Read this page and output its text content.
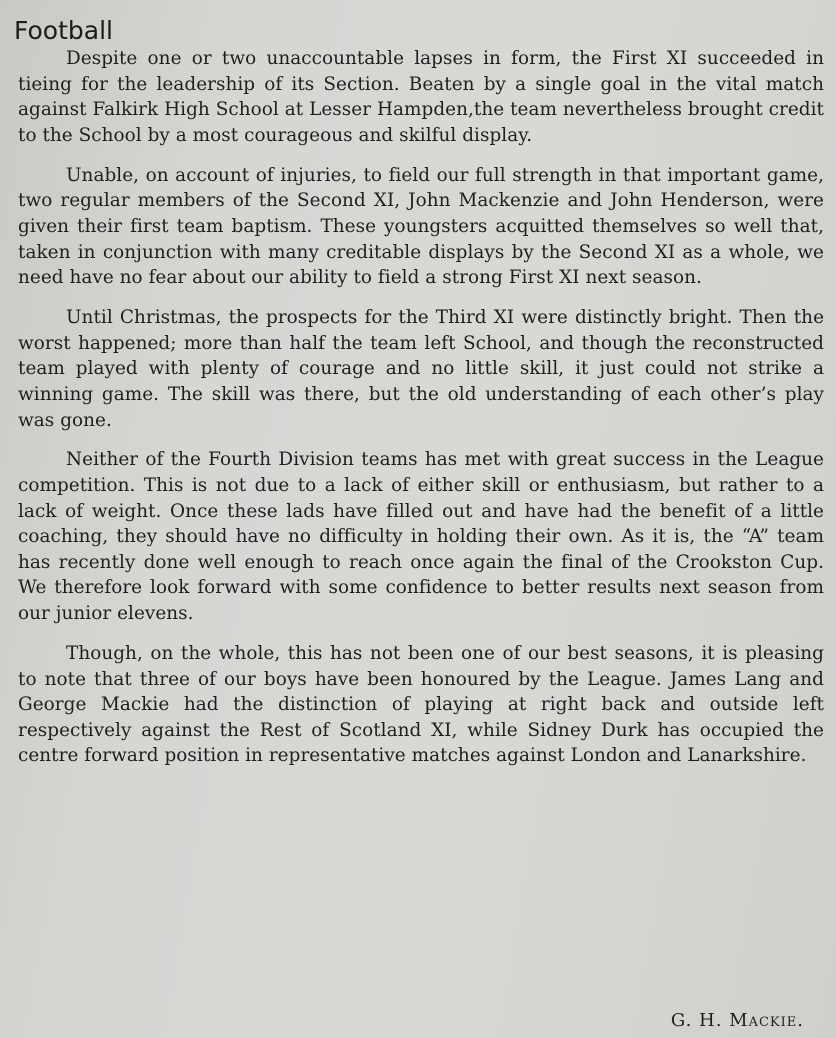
Football

Despite one or two unaccountable lapses in form, the First XI succeeded in tieing for the leadership of its Section. Beaten by a single goal in the vital match against Falkirk High School at Lesser Hampden,the team nevertheless brought credit to the School by a most courageous and skilful display.

Unable, on account of injuries, to field our full strength in that important game, two regular members of the Second XI, John Mackenzie and John Henderson, were given their first team baptism. These youngsters acquitted themselves so well that, taken in conjunction with many creditable displays by the Second XI as a whole, we need have no fear about our ability to field a strong First XI next season.

Until Christmas, the prospects for the Third XI were distinctly bright. Then the worst happened; more than half the team left School, and though the reconstructed team played with plenty of courage and no little skill, it just could not strike a winning game. The skill was there, but the old understanding of each other’s play was gone.

Neither of the Fourth Division teams has met with great success in the League competition. This is not due to a lack of either skill or enthusiasm, but rather to a lack of weight. Once these lads have filled out and have had the benefit of a little coaching, they should have no difficulty in holding their own. As it is, the “A” team has recently done well enough to reach once again the final of the Crookston Cup. We therefore look forward with some confidence to better results next season from our junior elevens.

Though, on the whole, this has not been one of our best seasons, it is pleasing to note that three of our boys have been honoured by the League. James Lang and George Mackie had the distinction of playing at right back and outside left respectively against the Rest of Scotland XI, while Sidney Durk has occupied the centre forward position in representative matches against London and Lanarkshire.

G. H. Mackie.
